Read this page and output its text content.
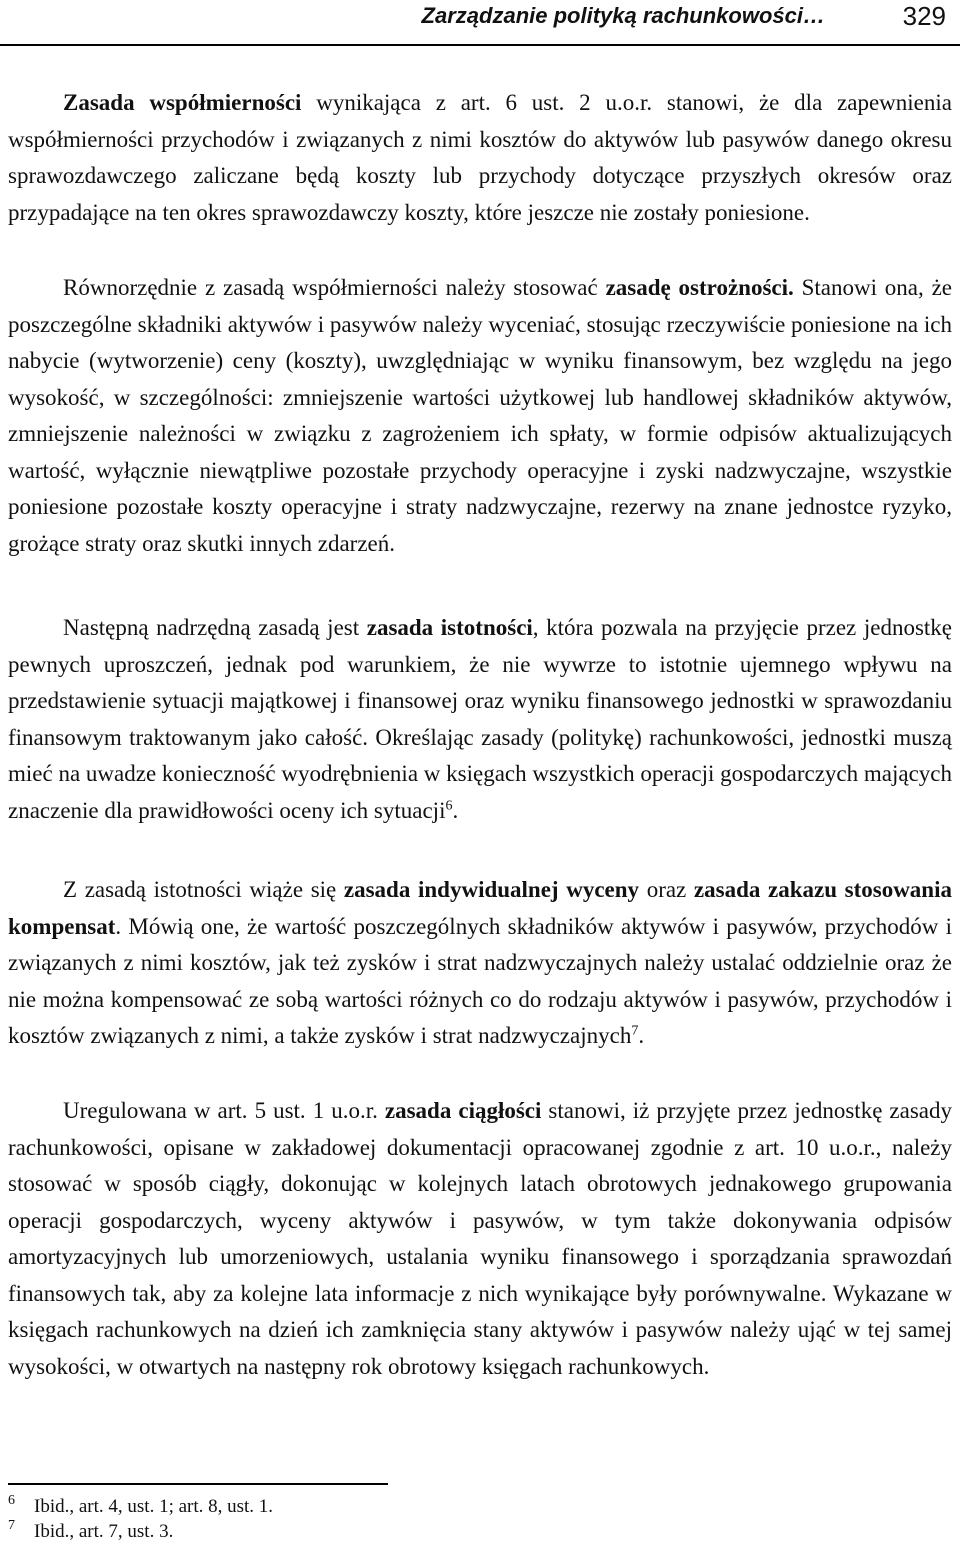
Zarządzanie polityką rachunkowości…	329

Zasada współmierności wynikająca z art. 6 ust. 2 u.o.r. stanowi, że dla zapewnienia współmierności przychodów i związanych z nimi kosztów do aktywów lub pasywów danego okresu sprawozdawczego zaliczane będą koszty lub przychody dotyczące przyszłych okresów oraz przypadające na ten okres sprawozdawczy koszty, które jeszcze nie zostały poniesione.

Równorzędnie z zasadą współmierności należy stosować zasadę ostrożności. Stanowi ona, że poszczególne składniki aktywów i pasywów należy wyceniać, stosując rzeczywiście poniesione na ich nabycie (wytworzenie) ceny (koszty), uwzględniając w wyniku finansowym, bez względu na jego wysokość, w szczególności: zmniejszenie wartości użytkowej lub handlowej składników aktywów, zmniejszenie należności w związku z zagrożeniem ich spłaty, w formie odpisów aktualizujących wartość, wyłącznie niewątpliwe pozostałe przychody operacyjne i zyski nadzwyczajne, wszystkie poniesione pozostałe koszty operacyjne i straty nadzwyczajne, rezerwy na znane jednostce ryzyko, grożące straty oraz skutki innych zdarzeń.

Następną nadrzędną zasadą jest zasada istotności, która pozwala na przyjęcie przez jednostkę pewnych uproszczeń, jednak pod warunkiem, że nie wywrze to istotnie ujemnego wpływu na przedstawienie sytuacji majątkowej i finansowej oraz wyniku finansowego jednostki w sprawozdaniu finansowym traktowanym jako całość. Określając zasady (politykę) rachunkowości, jednostki muszą mieć na uwadze konieczność wyodrębnienia w księgach wszystkich operacji gospodarczych mających znaczenie dla prawidłowości oceny ich sytuacji$^6$.

Z zasadą istotności wiąże się zasada indywidualnej wyceny oraz zasada zakazu stosowania kompensat. Mówią one, że wartość poszczególnych składników aktywów i pasywów, przychodów i związanych z nimi kosztów, jak też zysków i strat nadzwyczajnych należy ustalać oddzielnie oraz że nie można kompensować ze sobą wartości różnych co do rodzaju aktywów i pasywów, przychodów i kosztów związanych z nimi, a także zysków i strat nadzwyczajnych$^7$.

Uregulowana w art. 5 ust. 1 u.o.r. zasada ciągłości stanowi, iż przyjęte przez jednostkę zasady rachunkowości, opisane w zakładowej dokumentacji opracowanej zgodnie z art. 10 u.o.r., należy stosować w sposób ciągły, dokonując w kolejnych latach obrotowych jednakowego grupowania operacji gospodarczych, wyceny aktywów i pasywów, w tym także dokonywania odpisów amortyzacyjnych lub umorzeniowych, ustalania wyniku finansowego i sporządzania sprawozdań finansowych tak, aby za kolejne lata informacje z nich wynikające były porównywalne. Wykazane w księgach rachunkowych na dzień ich zamknięcia stany aktywów i pasywów należy ująć w tej samej wysokości, w otwartych na następny rok obrotowy księgach rachunkowych.

6	Ibid., art. 4, ust. 1; art. 8, ust. 1.
7	Ibid., art. 7, ust. 3.
